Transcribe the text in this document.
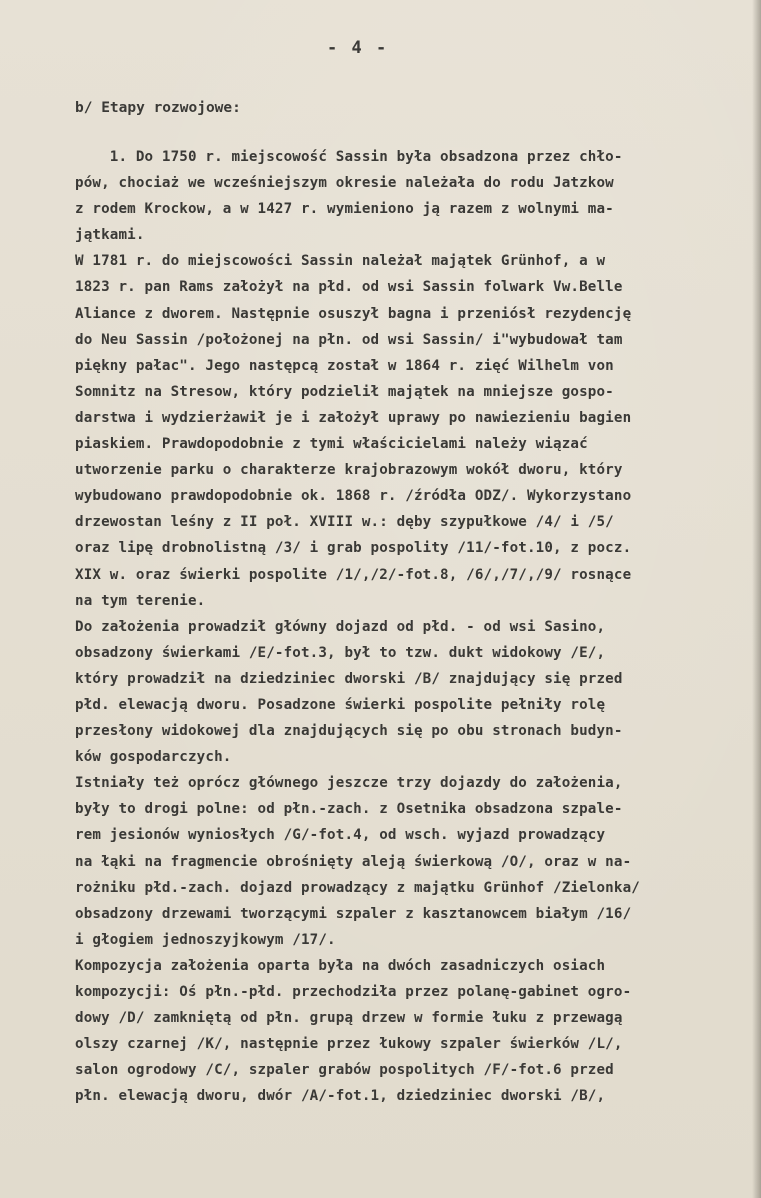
- 4 -
b/ Etapy rozwojowe:
1. Do 1750 r. miejscowość Sassin była obsadzona przez chło-
pów, chociaż we wcześniejszym okresie należała do rodu Jatzkow
z rodem Krockow, a w 1427 r. wymieniono ją razem z wolnymi ma-
jątkami.
W 1781 r. do miejscowości Sassin należał majątek Grünhof, a w
1823 r. pan Rams założył na płd. od wsi Sassin folwark Vw.Belle
Aliance z dworem. Następnie osuszył bagna i przeniósł rezydencję
do Neu Sassin /położonej na płn. od wsi Sassin/ i"wybudował tam
piękny pałac". Jego następcą został w 1864 r. zięć Wilhelm von
Somnitz na Stresow, który podzielił majątek na mniejsze gospo-
darstwa i wydzierżawił je i założył uprawy po nawiezieniu bagien
piaskiem. Prawdopodobnie z tymi właścicielami należy wiązać
utworzenie parku o charakterze krajobrazowym wokół dworu, który
wybudowano prawdopodobnie ok. 1868 r. /źródła ODZ/. Wykorzystano
drzewostan leśny z II poł. XVIII w.: dęby szypułkowe /4/ i /5/
oraz lipę drobnolistną /3/ i grab pospolity /11/-fot.10, z pocz.
XIX w. oraz świerki pospolite /1/,/2/-fot.8, /6/,/7/,/9/ rosnące
na tym terenie.
Do założenia prowadził główny dojazd od płd. - od wsi Sasino,
obsadzony świerkami /E/-fot.3, był to tzw. dukt widokowy /E/,
który prowadził na dziedziniec dworski /B/ znajdujący się przed
płd. elewacją dworu. Posadzone świerki pospolite pełniły rolę
przesłony widokowej dla znajdujących się po obu stronach budyn-
ków gospodarczych.
Istniały też oprócz głównego jeszcze trzy dojazdy do założenia,
były to drogi polne: od płn.-zach. z Osetnika obsadzona szpale-
rem jesionów wyniosłych /G/-fot.4, od wsch. wyjazd prowadzący
na łąki na fragmencie obrośnięty aleją świerkową /O/, oraz w na-
rożniku płd.-zach. dojazd prowadzący z majątku Grünhof /Zielonka/
obsadzony drzewami tworzącymi szpaler z kasztanowcem białym /16/
i głogiem jednoszyjkowym /17/.
Kompozycja założenia oparta była na dwóch zasadniczych osiach
kompozycji: Oś płn.-płd. przechodziła przez polanę-gabinet ogro-
dowy /D/ zamkniętą od płn. grupą drzew w formie łuku z przewagą
olszy czarnej /K/, następnie przez łukowy szpaler świerków /L/,
salon ogrodowy /C/, szpaler grabów pospolitych /F/-fot.6 przed
płn. elewacją dworu, dwór /A/-fot.1, dziedziniec dworski /B/,
